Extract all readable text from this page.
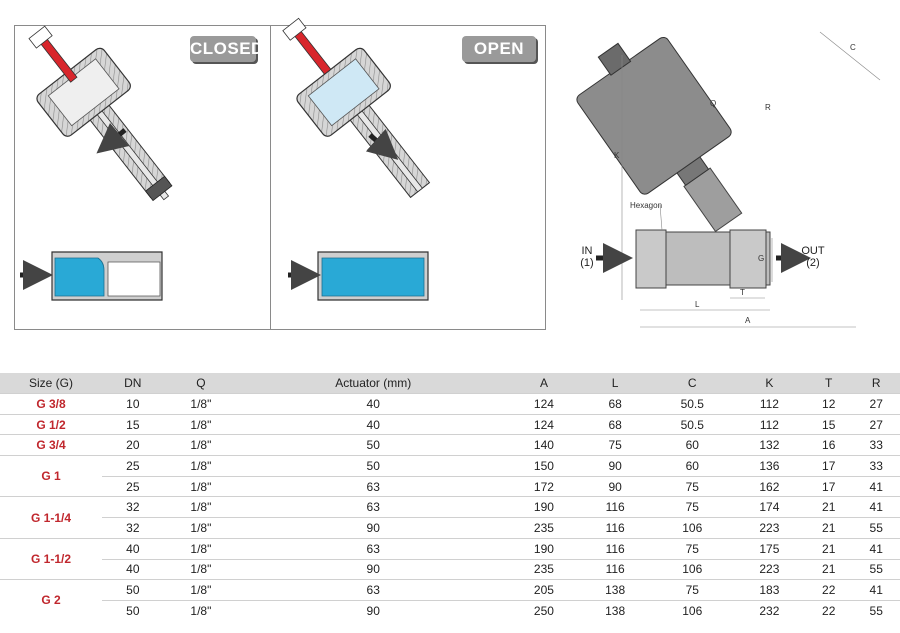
CLOSED	OPEN	C
Q	R
K
G
T
L
A
Hexagon
IN
(1)
OUT
(2)
Size (G)	DN	Q	Actuator (mm)	A	L	C	K	T	R
G 3/8	10	1/8"	40	124	68	50.5	112	12	27
G 1/2	15	1/8"	40	124	68	50.5	112	15	27
G 3/4	20	1/8"	50	140	75	60	132	16	33
G 1	25	1/8"	50	150	90	60	136	17	33
	25	1/8"	63	172	90	75	162	17	41
G 1-1/4	32	1/8"	63	190	116	75	174	21	41
	32	1/8"	90	235	116	106	223	21	55
G 1-1/2	40	1/8"	63	190	116	75	175	21	41
	40	1/8"	90	235	116	106	223	21	55
G 2	50	1/8"	63	205	138	75	183	22	41
	50	1/8"	90	250	138	106	232	22	55
